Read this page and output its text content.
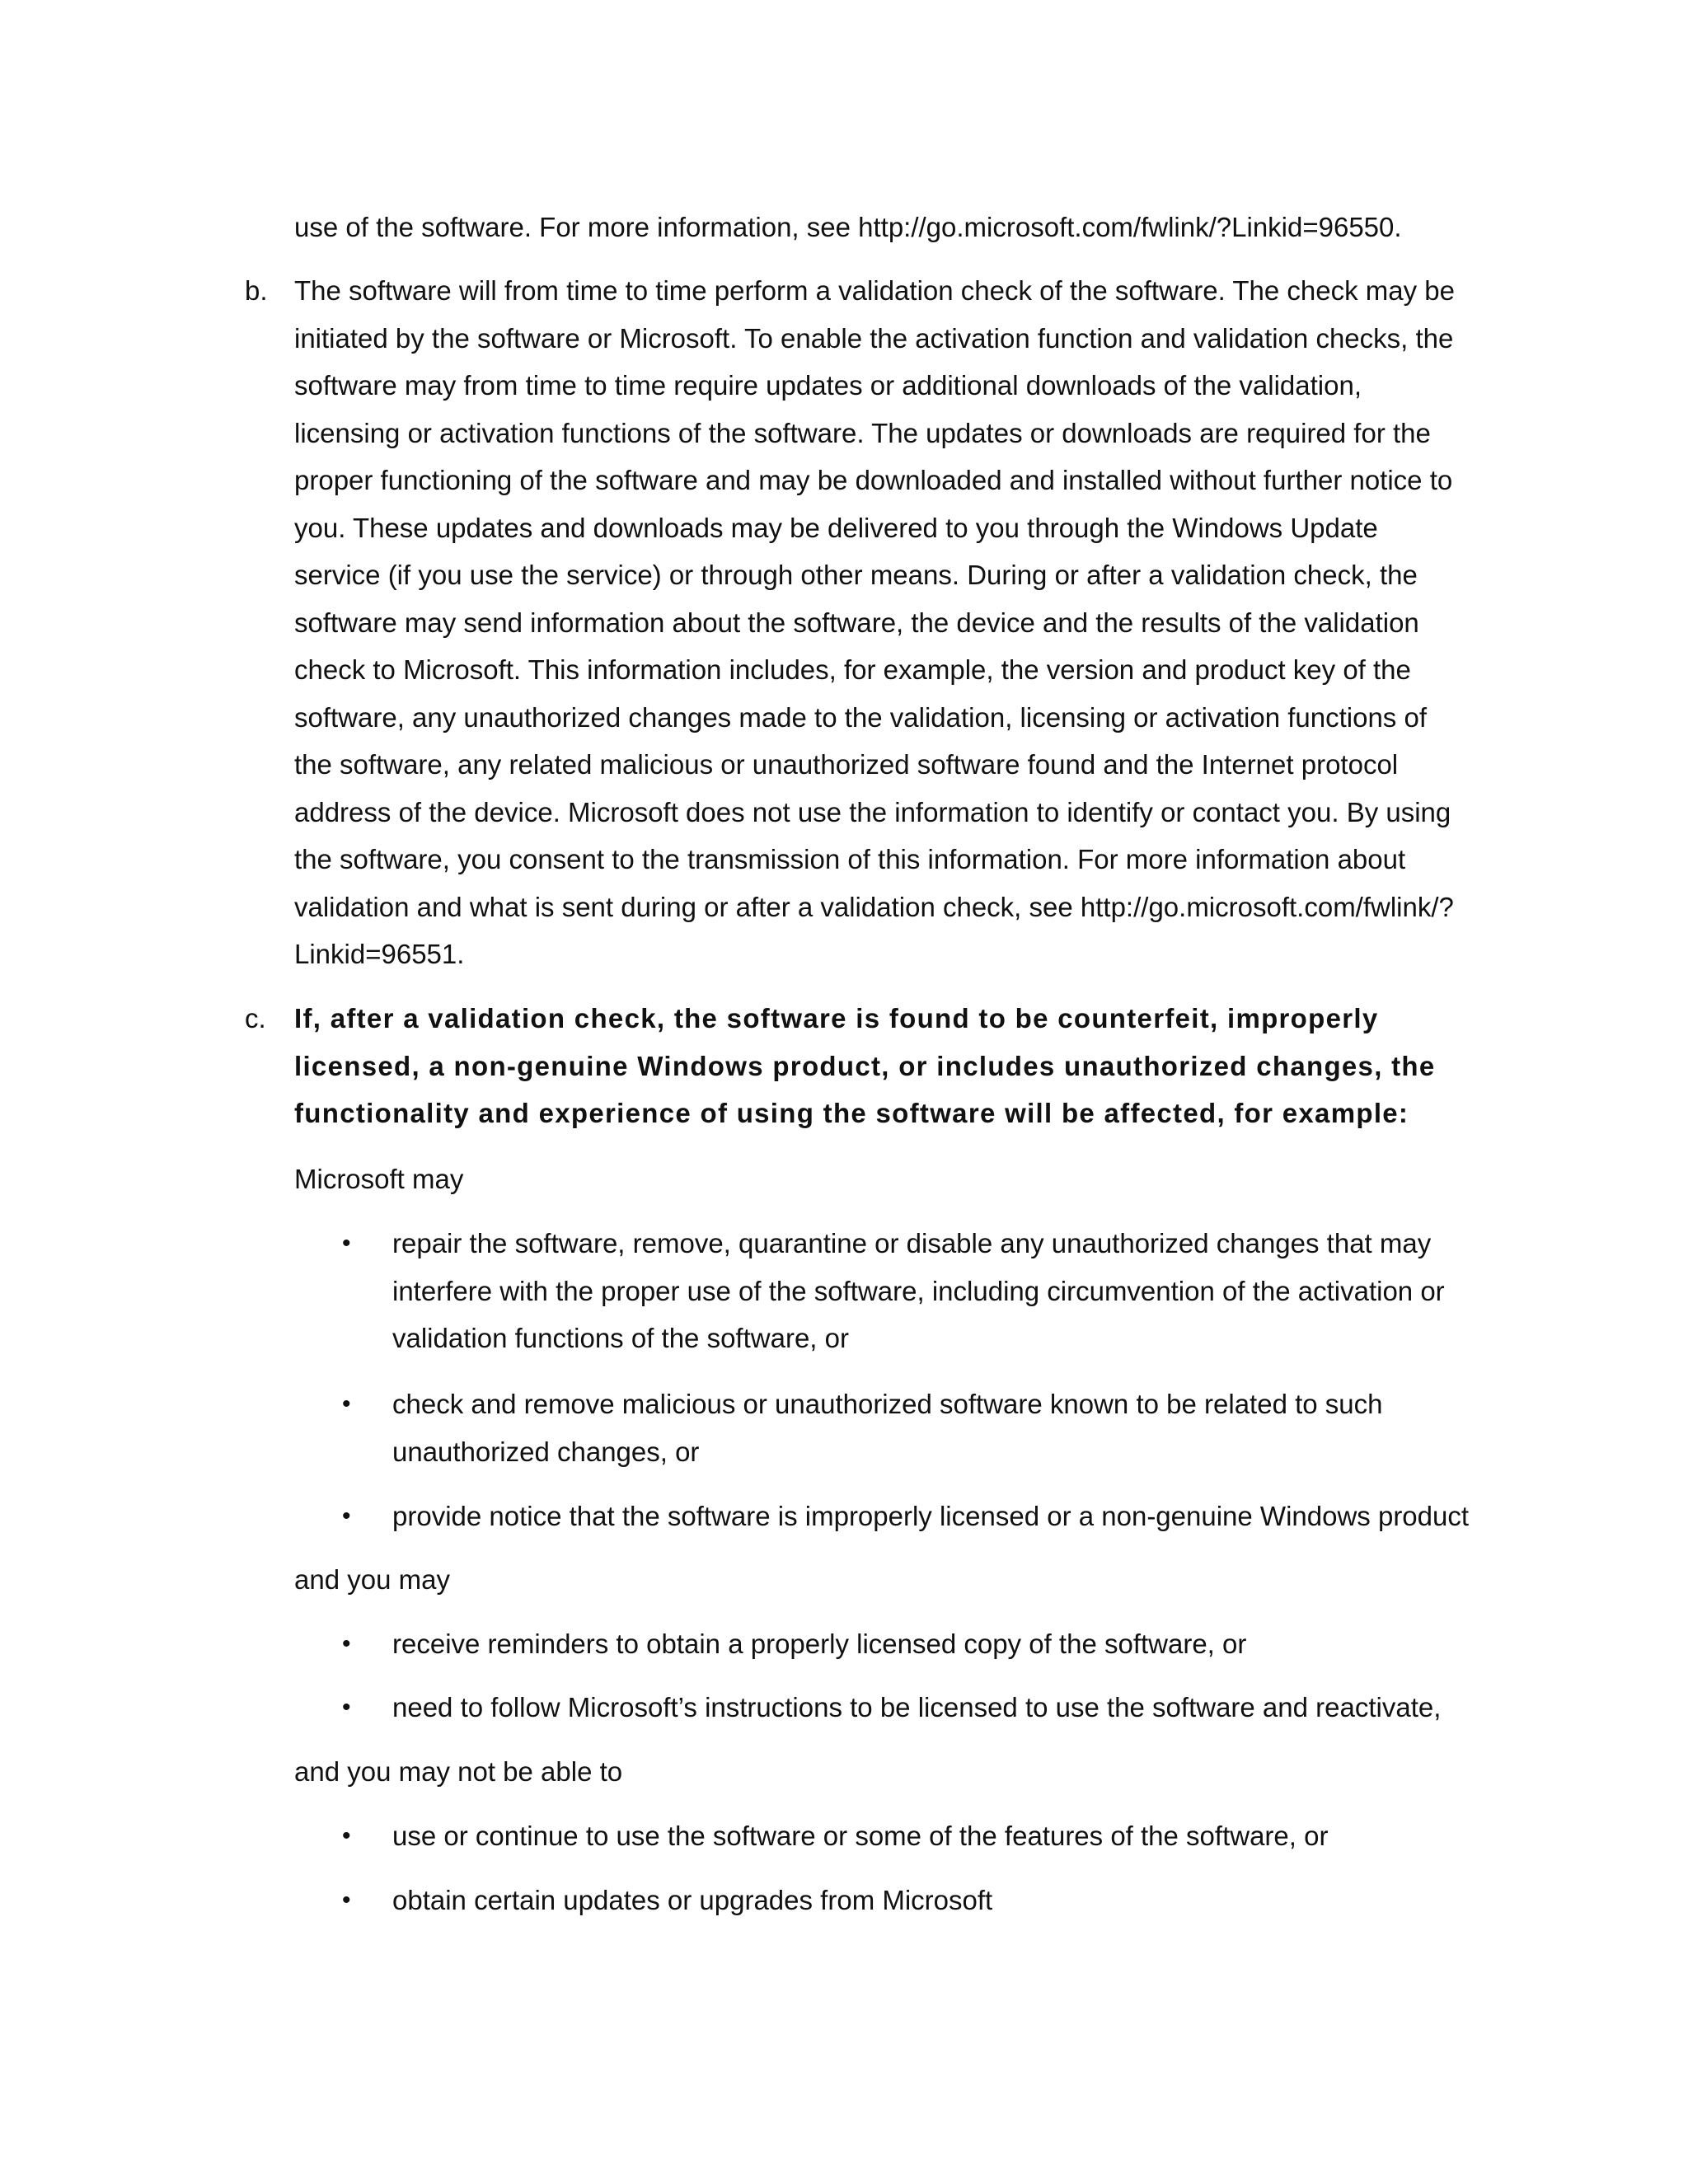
use of the software. For more information, see http://go.microsoft.com/fwlink/?Linkid=96550.
b. The software will from time to time perform a validation check of the software. The check may be
initiated by the software or Microsoft. To enable the activation function and validation checks, the
software may from time to time require updates or additional downloads of the validation,
licensing or activation functions of the software. The updates or downloads are required for the
proper functioning of the software and may be downloaded and installed without further notice to
you. These updates and downloads may be delivered to you through the Windows Update
service (if you use the service) or through other means. During or after a validation check, the
software may send information about the software, the device and the results of the validation
check to Microsoft. This information includes, for example, the version and product key of the
software, any unauthorized changes made to the validation, licensing or activation functions of
the software, any related malicious or unauthorized software found and the Internet protocol
address of the device. Microsoft does not use the information to identify or contact you. By using
the software, you consent to the transmission of this information. For more information about
validation and what is sent during or after a validation check, see http://go.microsoft.com/fwlink/?
Linkid=96551.
c. If, after a validation check, the software is found to be counterfeit, improperly
licensed, a non-genuine Windows product, or includes unauthorized changes, the
functionality and experience of using the software will be affected, for example:
Microsoft may
• repair the software, remove, quarantine or disable any unauthorized changes that may
interfere with the proper use of the software, including circumvention of the activation or
validation functions of the software, or
• check and remove malicious or unauthorized software known to be related to such
unauthorized changes, or
• provide notice that the software is improperly licensed or a non-genuine Windows product
and you may
• receive reminders to obtain a properly licensed copy of the software, or
• need to follow Microsoft’s instructions to be licensed to use the software and reactivate,
and you may not be able to
• use or continue to use the software or some of the features of the software, or
• obtain certain updates or upgrades from Microsoft
